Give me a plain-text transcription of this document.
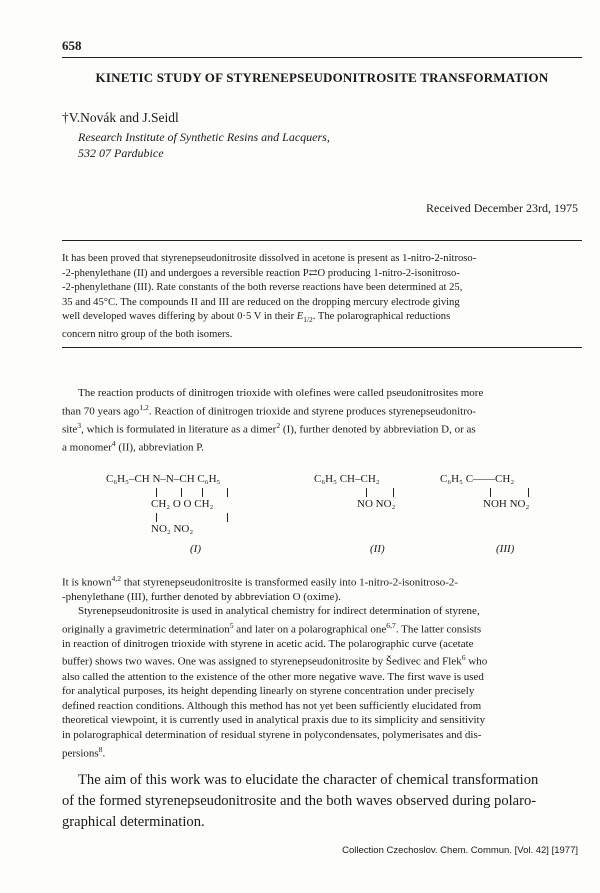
658
KINETIC STUDY OF STYRENEPSEUDONITROSITE TRANSFORMATION
†V.Novák and J.Seidl
Research Institute of Synthetic Resins and Lacquers,
532 07 Pardubice
Received December 23rd, 1975
It has been proved that styrenepseudonitrosite dissolved in acetone is present as 1-nitro-2-nitroso-
-2-phenylethane (II) and undergoes a reversible reaction P⇄O producing 1-nitro-2-isonitroso-
-2-phenylethane (III). Rate constants of the both reverse reactions have been determined at 25,
35 and 45°C. The compounds II and III are reduced on the dropping mercury electrode giving
well developed waves differing by about 0·5 V in their $E_{1/2}$. The polarographical reductions
concern nitro group of the both isomers.
The reaction products of dinitrogen trioxide with olefines were called pseudonitrosites more
than 70 years ago$^{1,2}$. Reaction of dinitrogen trioxide and styrene produces styrenepseudonitro-
site$^3$, which is formulated in literature as a dimer$^2$ (I), further denoted by abbreviation D, or as
a monomer$^4$ (II), abbreviation P.
C₆H₅–CH N–N–CH C₆H₅
CH₂ O O CH₂
NO₂ NO₂
(I)
C₆H₅ CH–CH₂
NO NO₂
(II)
C₆H₅ C——CH₂
NOH NO₂
(III)
It is known$^{4,2}$ that styrenepseudonitrosite is transformed easily into 1-nitro-2-isonitroso-2-
-phenylethane (III), further denoted by abbreviation O (oxime).
Styrenepseudonitrosite is used in analytical chemistry for indirect determination of styrene,
originally a gravimetric determination$^5$ and later on a polarographical one$^{6,7}$. The latter consists
in reaction of dinitrogen trioxide with styrene in acetic acid. The polarographic curve (acetate
buffer) shows two waves. One was assigned to styrenepseudonitrosite by Šedivec and Flek$^6$ who
also called the attention to the existence of the other more negative wave. The first wave is used
for analytical purposes, its height depending linearly on styrene concentration under precisely
defined reaction conditions. Although this method has not yet been sufficiently elucidated from
theoretical viewpoint, it is currently used in analytical praxis due to its simplicity and sensitivity
in polarographical determination of residual styrene in polycondensates, polymerisates and dis-
persions$^8$.
The aim of this work was to elucidate the character of chemical transformation
of the formed styrenepseudonitrosite and the both waves observed during polaro-
graphical determination.
Collection Czechoslov. Chem. Commun. [Vol. 42] [1977]
